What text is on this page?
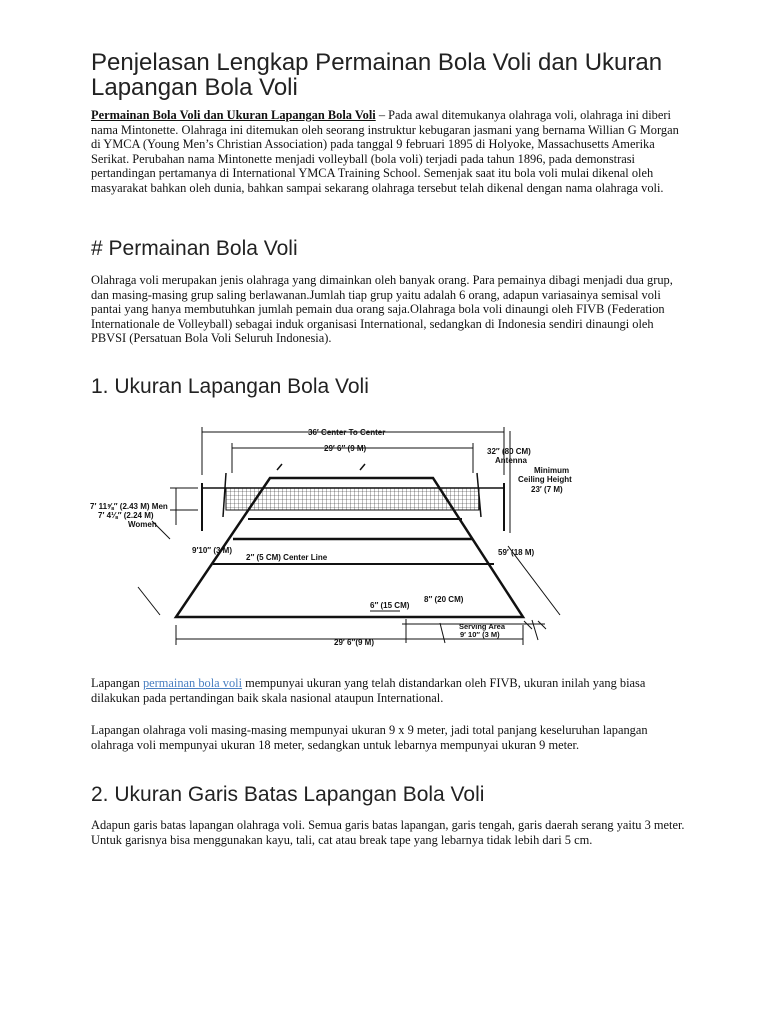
Penjelasan Lengkap Permainan Bola Voli dan Ukuran Lapangan Bola Voli

Permainan Bola Voli dan Ukuran Lapangan Bola Voli – Pada awal ditemukanya olahraga voli, olahraga ini diberi nama Mintonette. Olahraga ini ditemukan oleh seorang instruktur kebugaran jasmani yang bernama Willian G Morgan di YMCA (Young Men’s Christian Association) pada tanggal 9 februari 1895 di Holyoke, Massachusetts Amerika Serikat. Perubahan nama Mintonette menjadi volleyball (bola voli) terjadi pada tahun 1896, pada demonstrasi pertandingan pertamanya di International YMCA Training School. Semenjak saat itu bola voli mulai dikenal oleh masyarakat bahkan oleh dunia, bahkan sampai sekarang olahraga tersebut telah dikenal dengan nama olahraga voli.

# Permainan Bola Voli

Olahraga voli merupakan jenis olahraga yang dimainkan oleh banyak orang. Para pemainya dibagi menjadi dua grup, dan masing-masing grup saling berlawanan.Jumlah tiap grup yaitu adalah 6 orang, adapun variasainya semisal voli pantai yang hanya membutuhkan jumlah pemain dua orang saja.Olahraga bola voli dinaungi oleh FIVB (Federation Internationale de Volleyball) sebagai induk organisasi International, sedangkan di Indonesia sendiri dinaungi oleh PBVSI (Persatuan Bola Voli Seluruh Indonesia).

1. Ukuran Lapangan Bola Voli
36′ Center To Center
29′ 6″ (9 M)	32″ (80 CM)
Antenna
Minimum
Ceiling Height
23′ (7 M)
7′ 11⅝″ (2.43 M) Men
7′ 4⅛″ (2.24 M)
Women
9′10″ (3 M)
2″ (5 CM) Center Line
59′ (18 M)
8″ (20 CM)
6″ (15 CM)
Serving Area
9′ 10″ (3 M)
29′ 6″(9 M)

Lapangan permainan bola voli mempunyai ukuran yang telah distandarkan oleh FIVB, ukuran inilah yang biasa dilakukan pada pertandingan baik skala nasional ataupun International.

Lapangan olahraga voli masing-masing mempunyai ukuran 9 x 9 meter, jadi total panjang keseluruhan lapangan olahraga voli mempunyai ukuran 18 meter, sedangkan untuk lebarnya mempunyai ukuran 9 meter.

2. Ukuran Garis Batas Lapangan Bola Voli

Adapun garis batas lapangan olahraga voli. Semua garis batas lapangan, garis tengah, garis daerah serang yaitu 3 meter. Untuk garisnya bisa menggunakan kayu, tali, cat atau break tape yang lebarnya tidak lebih dari 5 cm.
